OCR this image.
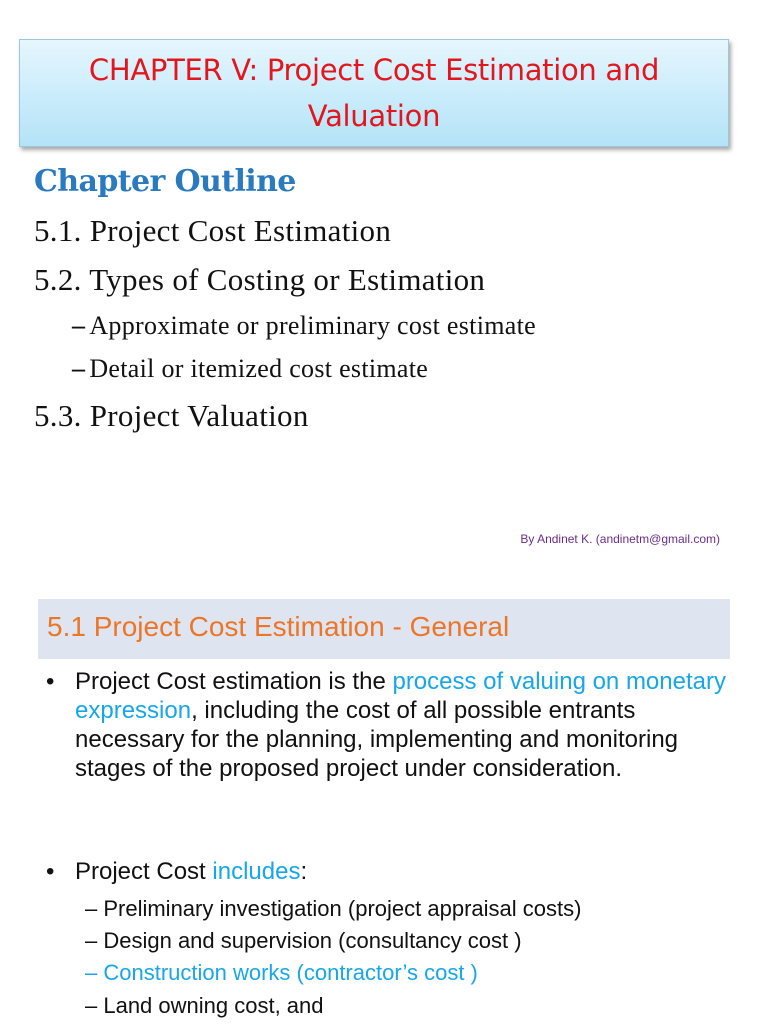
CHAPTER V: Project Cost Estimation and
Valuation
Chapter Outline
5.1. Project Cost Estimation
5.2. Types of Costing or Estimation
– Approximate or preliminary cost estimate
– Detail or itemized cost estimate
5.3. Project Valuation
By Andinet K. (andinetm@gmail.com)
5.1 Project Cost Estimation - General
• Project Cost estimation is the process of valuing on monetary expression, including the cost of all possible entrants necessary for the planning, implementing and monitoring stages of the proposed project under consideration.
• Project Cost includes:
– Preliminary investigation (project appraisal costs)
– Design and supervision (consultancy cost )
– Construction works (contractor’s cost )
– Land owning cost, and
